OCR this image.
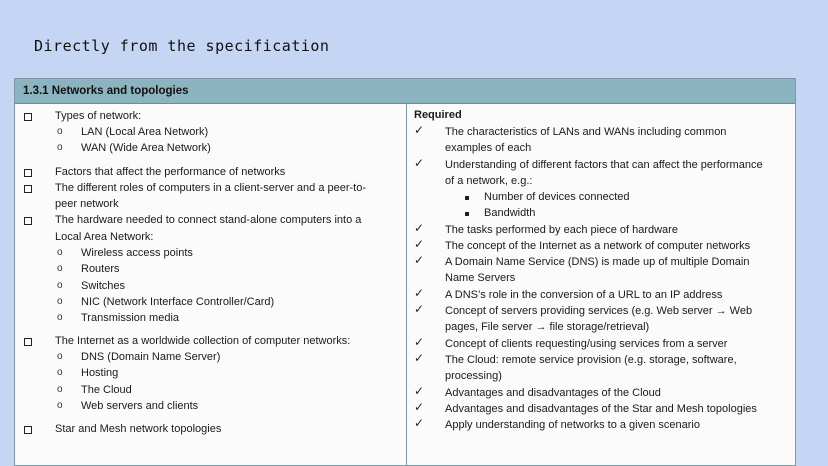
Directly from the specification
1.3.1 Networks and topologies
Types of network:
o LAN (Local Area Network)
o WAN (Wide Area Network)
Factors that affect the performance of networks
The different roles of computers in a client-server and a peer-to-
peer network
The hardware needed to connect stand-alone computers into a
Local Area Network:
o Wireless access points
o Routers
o Switches
o NIC (Network Interface Controller/Card)
o Transmission media
The Internet as a worldwide collection of computer networks:
o DNS (Domain Name Server)
o Hosting
o The Cloud
o Web servers and clients
Star and Mesh network topologies
Required
✓ The characteristics of LANs and WANs including common
examples of each
✓ Understanding of different factors that can affect the performance
of a network, e.g.:
Number of devices connected
Bandwidth
✓ The tasks performed by each piece of hardware
✓ The concept of the Internet as a network of computer networks
✓ A Domain Name Service (DNS) is made up of multiple Domain
Name Servers
✓ A DNS’s role in the conversion of a URL to an IP address
✓ Concept of servers providing services (e.g. Web server → Web
pages, File server → file storage/retrieval)
✓ Concept of clients requesting/using services from a server
✓ The Cloud: remote service provision (e.g. storage, software,
processing)
✓ Advantages and disadvantages of the Cloud
✓ Advantages and disadvantages of the Star and Mesh topologies
✓ Apply understanding of networks to a given scenario
